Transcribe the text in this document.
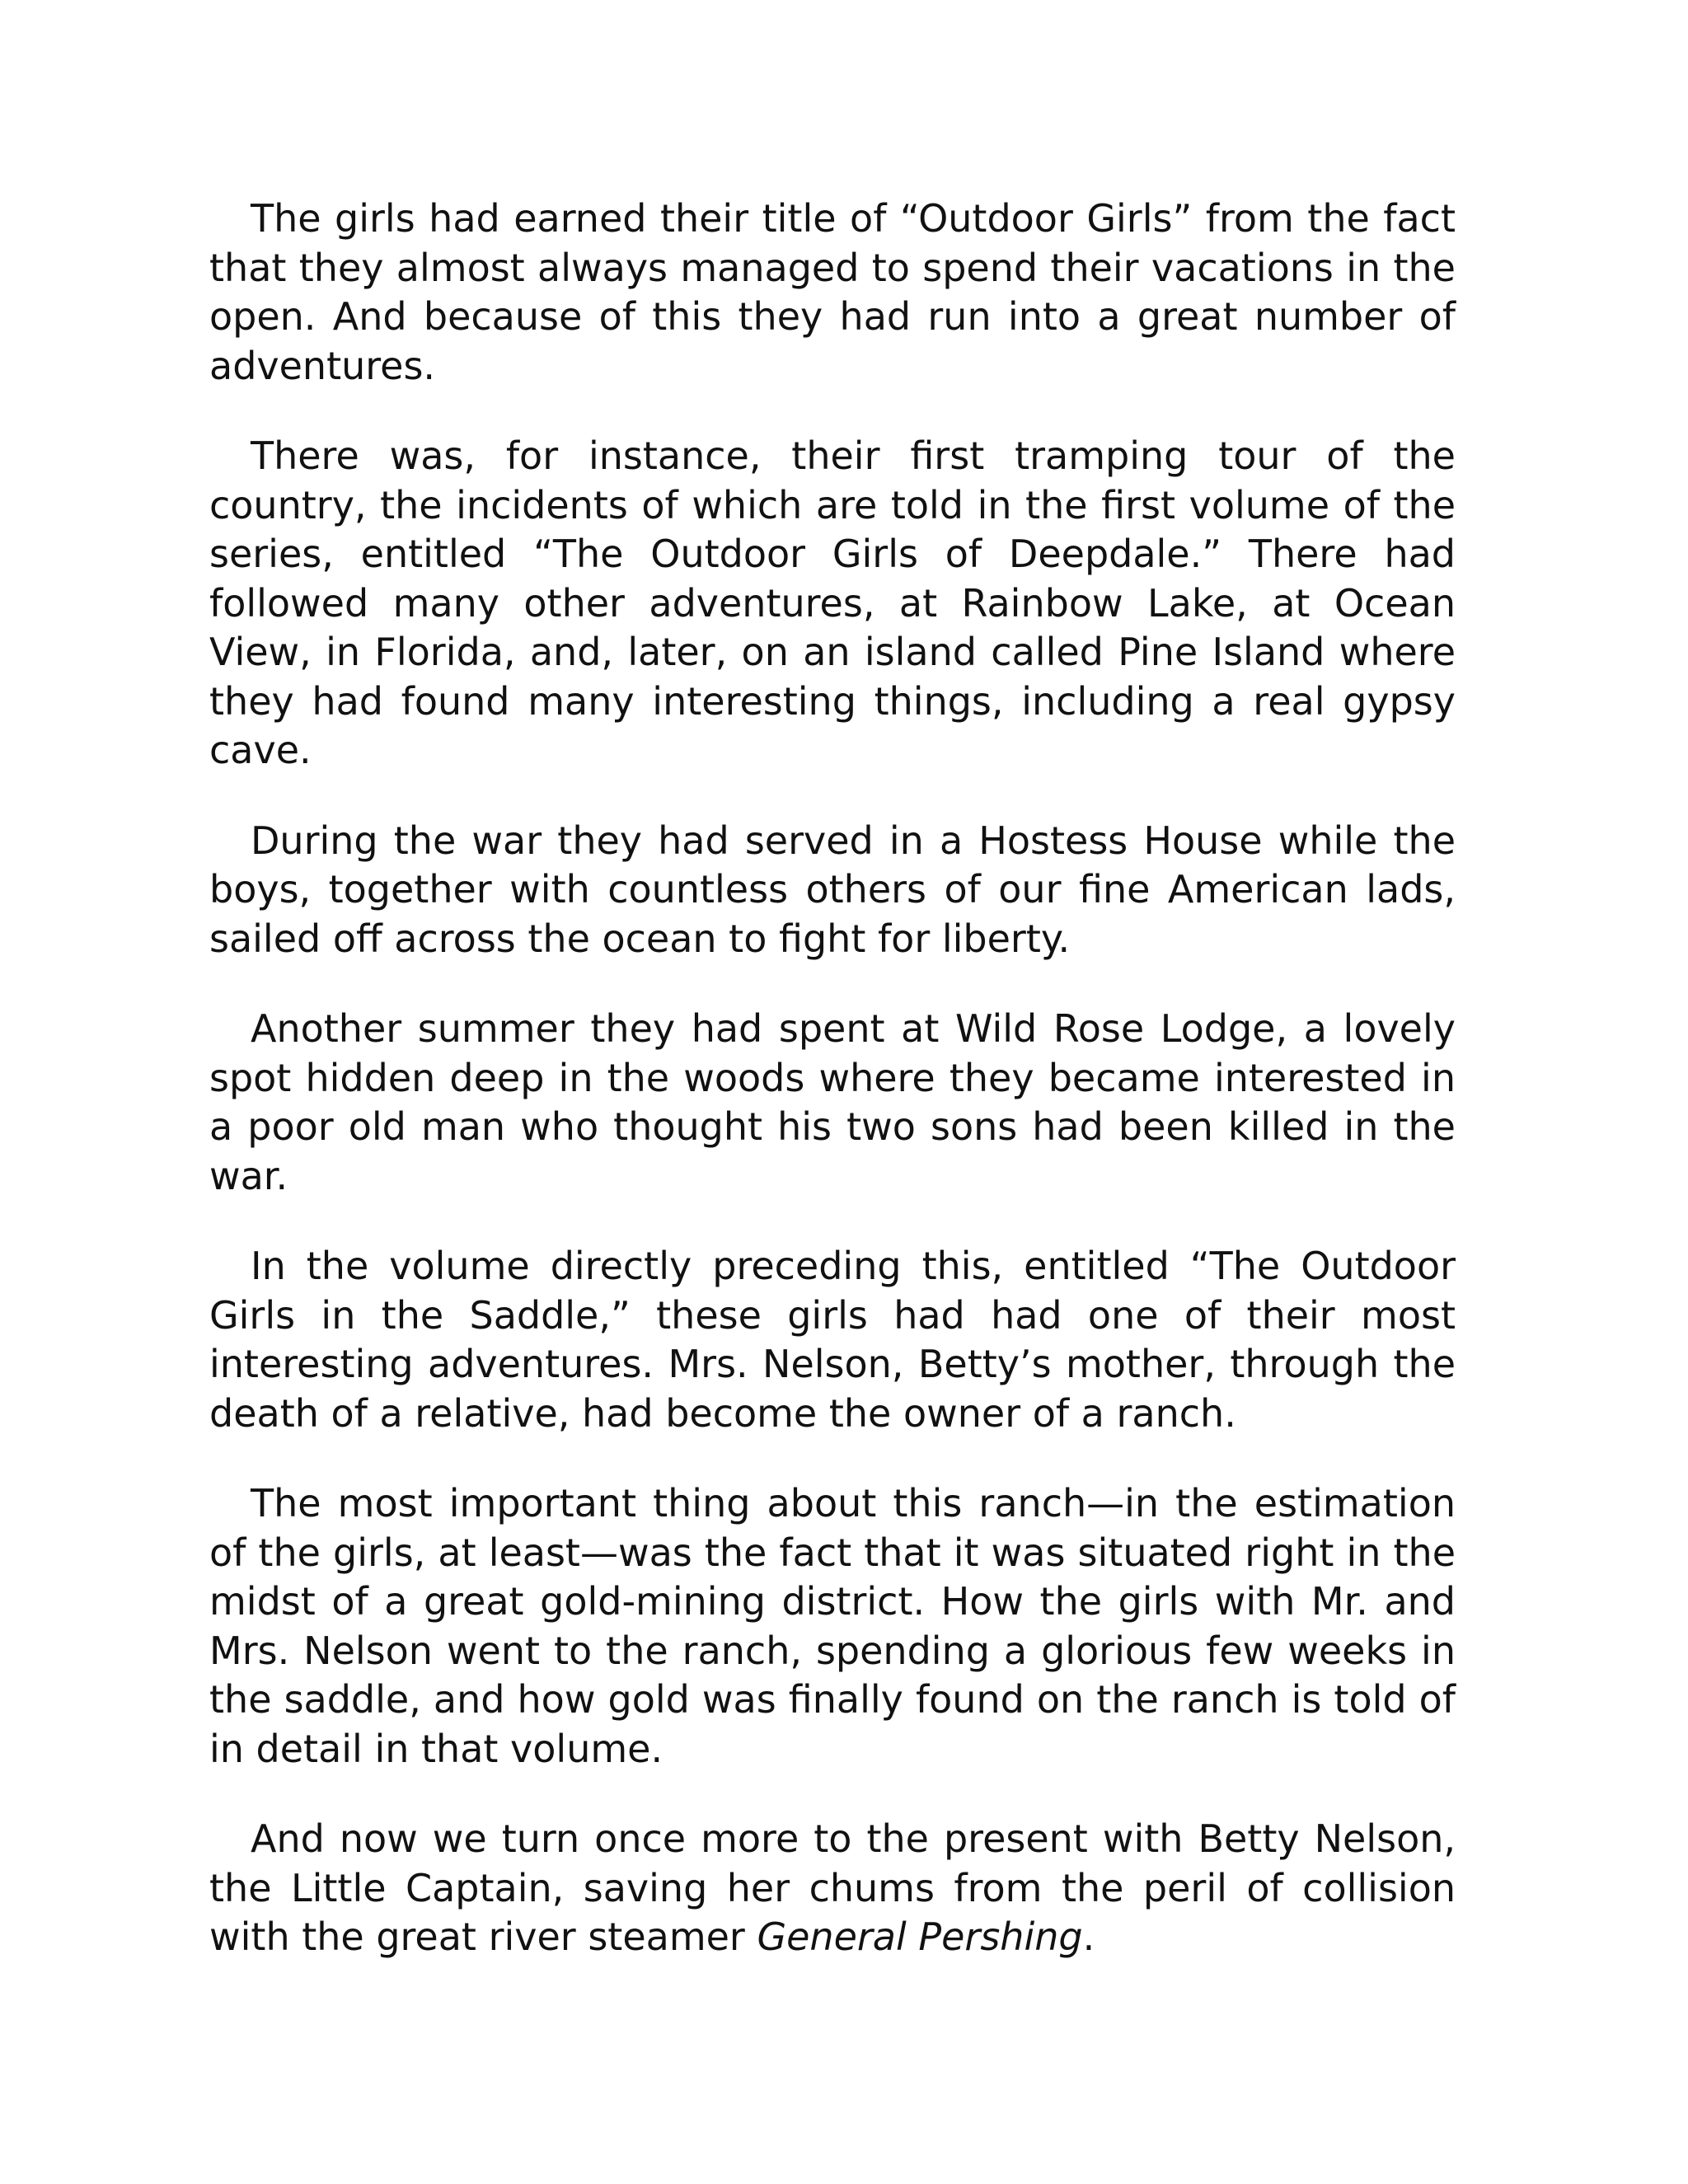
The girls had earned their title of “Outdoor Girls” from the fact that they almost always managed to spend their vacations in the open. And because of this they had run into a great number of adventures.

There was, for instance, their first tramping tour of the country, the incidents of which are told in the first volume of the series, entitled “The Outdoor Girls of Deepdale.” There had followed many other adventures, at Rainbow Lake, at Ocean View, in Florida, and, later, on an island called Pine Island where they had found many interesting things, including a real gypsy cave.

During the war they had served in a Hostess House while the boys, together with countless others of our fine American lads, sailed off across the ocean to fight for liberty.

Another summer they had spent at Wild Rose Lodge, a lovely spot hidden deep in the woods where they became interested in a poor old man who thought his two sons had been killed in the war.

In the volume directly preceding this, entitled “The Outdoor Girls in the Saddle,” these girls had had one of their most interesting adventures. Mrs. Nelson, Betty’s mother, through the death of a relative, had become the owner of a ranch.

The most important thing about this ranch—in the estimation of the girls, at least—was the fact that it was situated right in the midst of a great gold-mining district. How the girls with Mr. and Mrs. Nelson went to the ranch, spending a glorious few weeks in the saddle, and how gold was finally found on the ranch is told of in detail in that volume.

And now we turn once more to the present with Betty Nelson, the Little Captain, saving her chums from the peril of collision with the great river steamer General Pershing.
